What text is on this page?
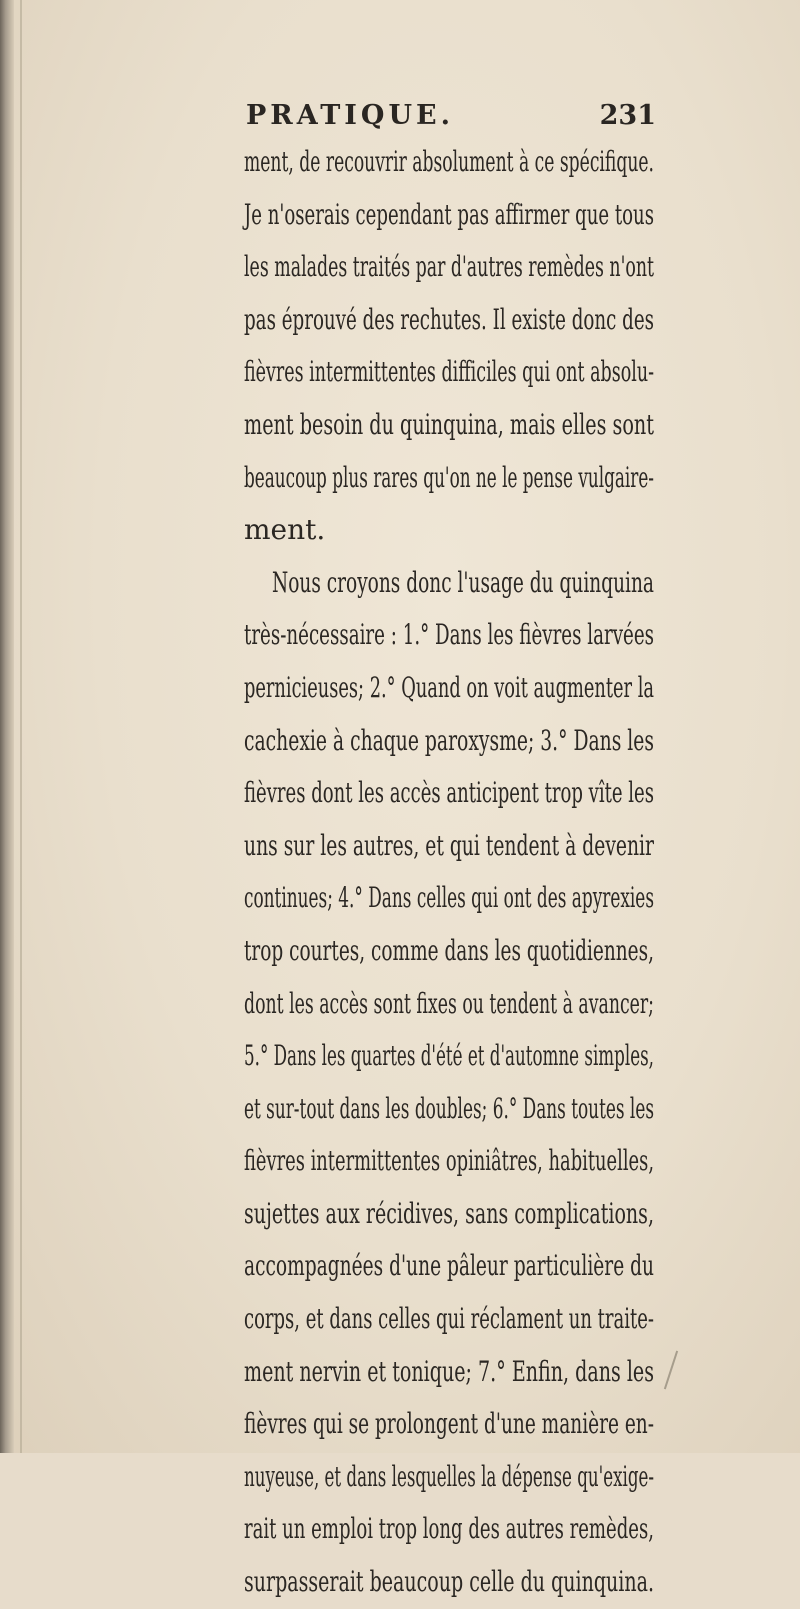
PRATIQUE.	231
ment, de recouvrir absolument à ce spécifique.
Je n'oserais cependant pas affirmer que tous
les malades traités par d'autres remèdes n'ont
pas éprouvé des rechutes. Il existe donc des
fièvres intermittentes difficiles qui ont absolu-
ment besoin du quinquina, mais elles sont
beaucoup plus rares qu'on ne le pense vulgaire-
ment.
Nous croyons donc l'usage du quinquina
très-nécessaire : 1.° Dans les fièvres larvées
pernicieuses; 2.° Quand on voit augmenter la
cachexie à chaque paroxysme; 3.° Dans les
fièvres dont les accès anticipent trop vîte les
uns sur les autres, et qui tendent à devenir
continues; 4.° Dans celles qui ont des apyrexies
trop courtes, comme dans les quotidiennes,
dont les accès sont fixes ou tendent à avancer;
5.° Dans les quartes d'été et d'automne simples,
et sur-tout dans les doubles; 6.° Dans toutes les
fièvres intermittentes opiniâtres, habituelles,
sujettes aux récidives, sans complications,
accompagnées d'une pâleur particulière du
corps, et dans celles qui réclament un traite-
ment nervin et tonique; 7.° Enfin, dans les
fièvres qui se prolongent d'une manière en-
nuyeuse, et dans lesquelles la dépense qu'exige-
rait un emploi trop long des autres remèdes,
surpasserait beaucoup celle du quinquina.
